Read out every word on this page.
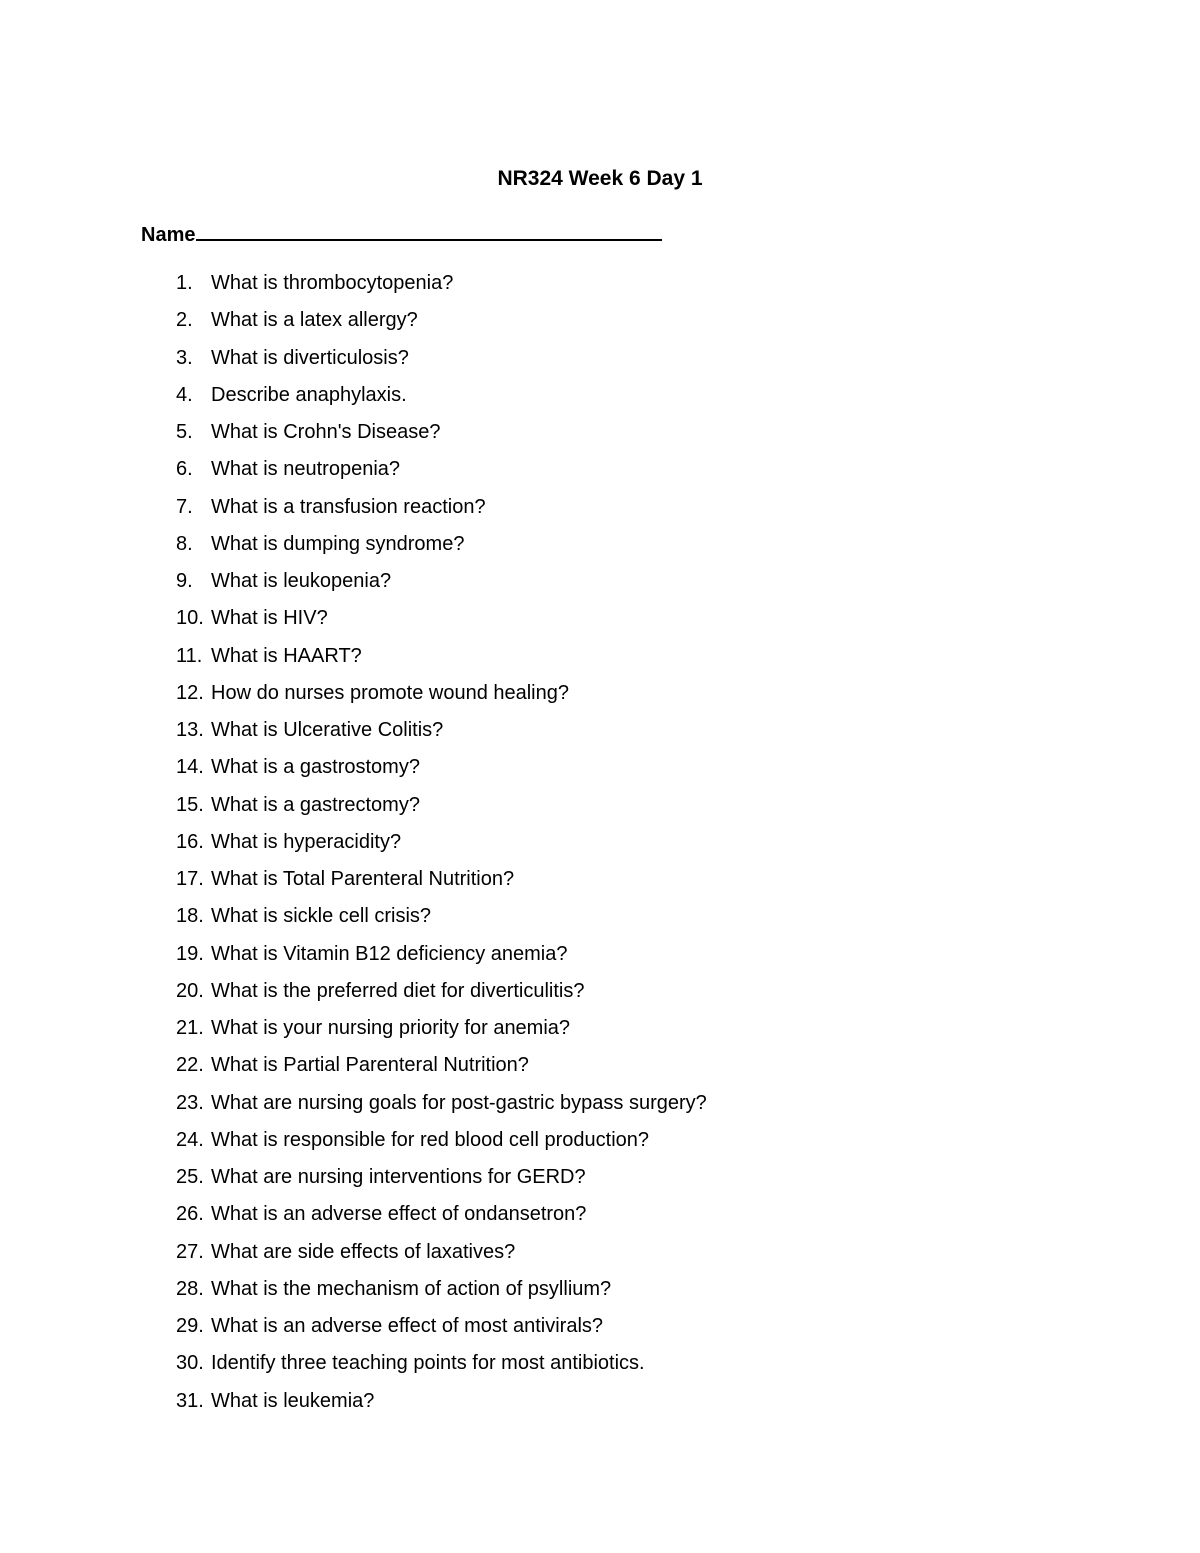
NR324 Week 6 Day 1
Name
1. What is thrombocytopenia?
2. What is a latex allergy?
3. What is diverticulosis?
4. Describe anaphylaxis.
5. What is Crohn's Disease?
6. What is neutropenia?
7. What is a transfusion reaction?
8. What is dumping syndrome?
9. What is leukopenia?
10. What is HIV?
11. What is HAART?
12. How do nurses promote wound healing?
13. What is Ulcerative Colitis?
14. What is a gastrostomy?
15. What is a gastrectomy?
16. What is hyperacidity?
17. What is Total Parenteral Nutrition?
18. What is sickle cell crisis?
19. What is Vitamin B12 deficiency anemia?
20. What is the preferred diet for diverticulitis?
21. What is your nursing priority for anemia?
22. What is Partial Parenteral Nutrition?
23. What are nursing goals for post-gastric bypass surgery?
24. What is responsible for red blood cell production?
25. What are nursing interventions for GERD?
26. What is an adverse effect of ondansetron?
27. What are side effects of laxatives?
28. What is the mechanism of action of psyllium?
29. What is an adverse effect of most antivirals?
30. Identify three teaching points for most antibiotics.
31. What is leukemia?
